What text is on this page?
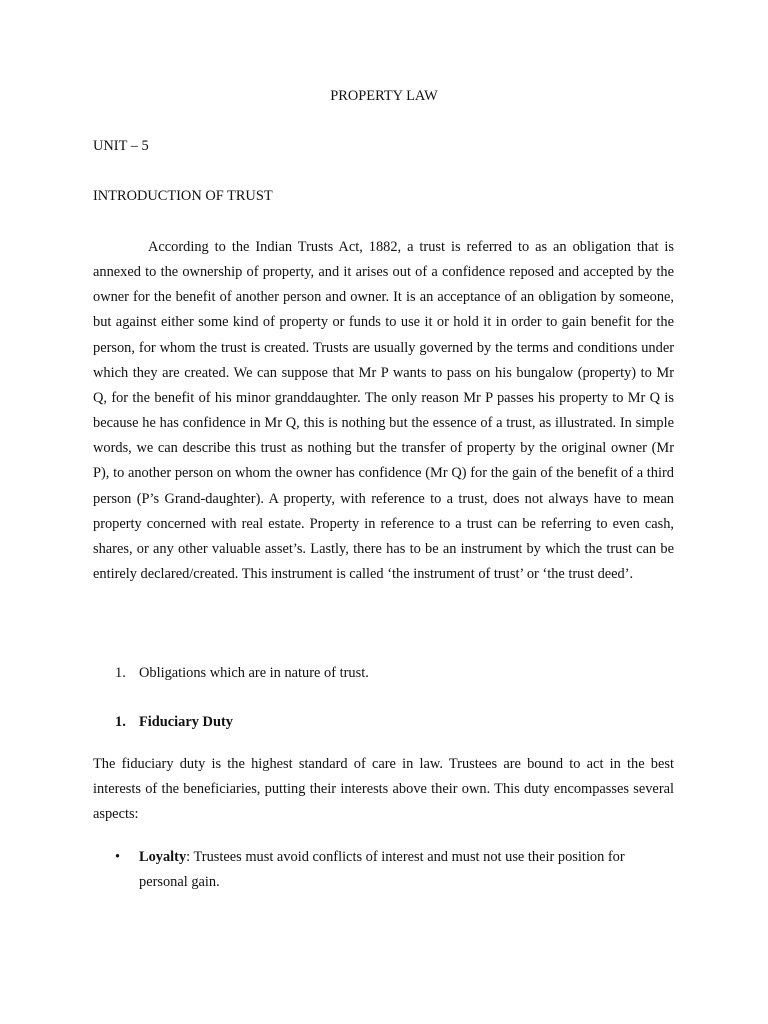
PROPERTY LAW

UNIT – 5

INTRODUCTION OF TRUST

According to the Indian Trusts Act, 1882, a trust is referred to as an obligation that is annexed to the ownership of property, and it arises out of a confidence reposed and accepted by the owner for the benefit of another person and owner. It is an acceptance of an obligation by someone, but against either some kind of property or funds to use it or hold it in order to gain benefit for the person, for whom the trust is created. Trusts are usually governed by the terms and conditions under which they are created. We can suppose that Mr P wants to pass on his bungalow (property) to Mr Q, for the benefit of his minor granddaughter. The only reason Mr P passes his property to Mr Q is because he has confidence in Mr Q, this is nothing but the essence of a trust, as illustrated. In simple words, we can describe this trust as nothing but the transfer of property by the original owner (Mr P), to another person on whom the owner has confidence (Mr Q) for the gain of the benefit of a third person (P’s Grand-daughter). A property, with reference to a trust, does not always have to mean property concerned with real estate. Property in reference to a trust can be referring to even cash, shares, or any other valuable asset’s. Lastly, there has to be an instrument by which the trust can be entirely declared/created. This instrument is called ‘the instrument of trust’ or ‘the trust deed’.

1. Obligations which are in nature of trust.
1. Fiduciary Duty

The fiduciary duty is the highest standard of care in law. Trustees are bound to act in the best interests of the beneficiaries, putting their interests above their own. This duty encompasses several aspects:

• Loyalty: Trustees must avoid conflicts of interest and must not use their position for personal gain.
